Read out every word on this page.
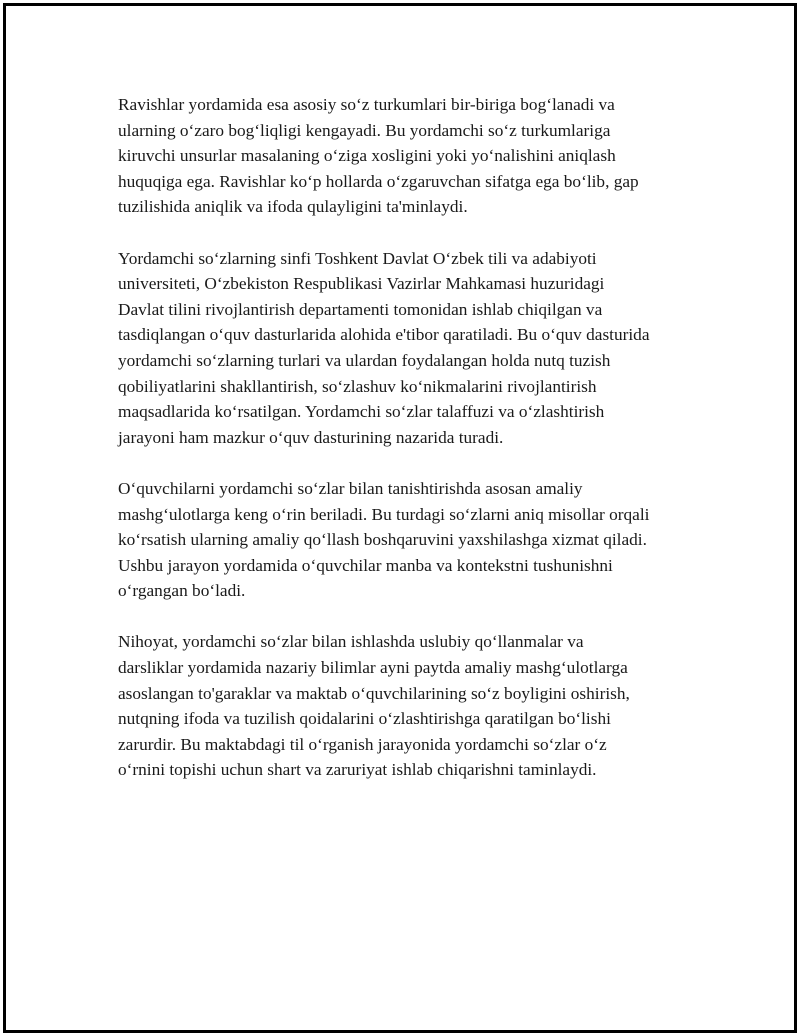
Ravishlar yordamida esa asosiy so‘z turkumlari bir-biriga bog‘lanadi va
ularning o‘zaro bog‘liqligi kengayadi. Bu yordamchi so‘z turkumlariga
kiruvchi unsurlar masalaning o‘ziga xosligini yoki yo‘nalishini aniqlash
huquqiga ega. Ravishlar ko‘p hollarda o‘zgaruvchan sifatga ega bo‘lib, gap
tuzilishida aniqlik va ifoda qulayligini ta'minlaydi.

Yordamchi so‘zlarning sinfi Toshkent Davlat O‘zbek tili va adabiyoti
universiteti, O‘zbekiston Respublikasi Vazirlar Mahkamasi huzuridagi
Davlat tilini rivojlantirish departamenti tomonidan ishlab chiqilgan va
tasdiqlangan o‘quv dasturlarida alohida e'tibor qaratiladi. Bu o‘quv dasturida
yordamchi so‘zlarning turlari va ulardan foydalangan holda nutq tuzish
qobiliyatlarini shakllantirish, so‘zlashuv ko‘nikmalarini rivojlantirish
maqsadlarida ko‘rsatilgan. Yordamchi so‘zlar talaffuzi va o‘zlashtirish
jarayoni ham mazkur o‘quv dasturining nazarida turadi.

O‘quvchilarni yordamchi so‘zlar bilan tanishtirishda asosan amaliy
mashg‘ulotlarga keng o‘rin beriladi. Bu turdagi so‘zlarni aniq misollar orqali
ko‘rsatish ularning amaliy qo‘llash boshqaruvini yaxshilashga xizmat qiladi.
Ushbu jarayon yordamida o‘quvchilar manba va kontekstni tushunishni
o‘rgangan bo‘ladi.

Nihoyat, yordamchi so‘zlar bilan ishlashda uslubiy qo‘llanmalar va
darsliklar yordamida nazariy bilimlar ayni paytda amaliy mashg‘ulotlarga
asoslangan to'garaklar va maktab o‘quvchilarining so‘z boyligini oshirish,
nutqning ifoda va tuzilish qoidalarini o‘zlashtirishga qaratilgan bo‘lishi
zarurdir. Bu maktabdagi til o‘rganish jarayonida yordamchi so‘zlar o‘z
o‘rnini topishi uchun shart va zaruriyat ishlab chiqarishni taminlaydi.
